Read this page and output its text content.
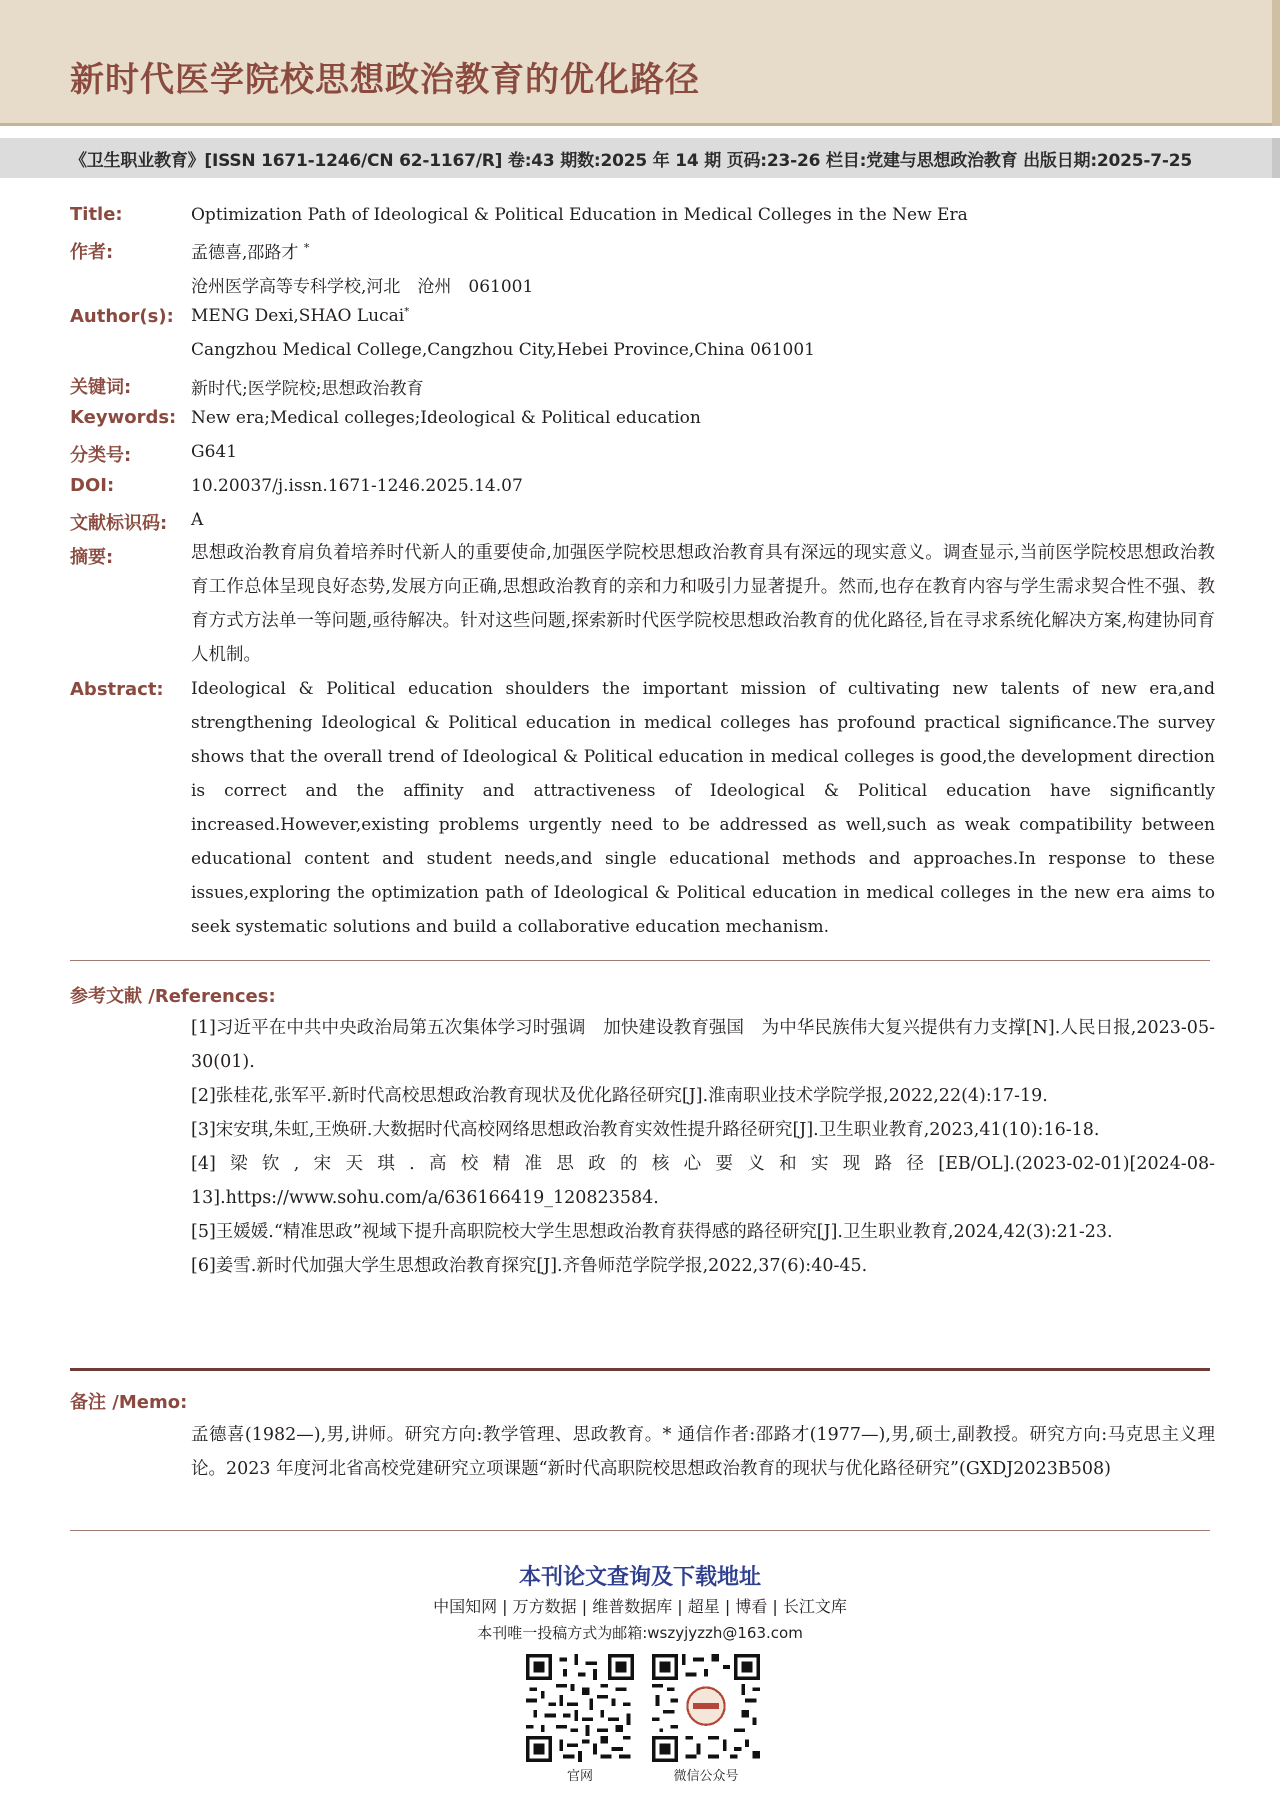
新时代医学院校思想政治教育的优化路径
《卫生职业教育》[ISSN 1671-1246/CN 62-1167/R] 卷:43 期数:2025 年 14 期 页码:23-26 栏目:党建与思想政治教育 出版日期:2025-7-25
Title:	Optimization Path of Ideological & Political Education in Medical Colleges in the New Era
作者:	孟德喜,邵路才 *
沧州医学高等专科学校,河北　沧州　061001
Author(s): MENG Dexi,SHAO Lucai*
Cangzhou Medical College,Cangzhou City,Hebei Province,China 061001
关键词:	新时代;医学院校;思想政治教育
Keywords: New era;Medical colleges;Ideological & Political education
分类号:	G641
DOI:	10.20037/j.issn.1671-1246.2025.14.07
文献标识码: A
摘要:	思想政治教育肩负着培养时代新人的重要使命,加强医学院校思想政治教育具有深远的现实意义。调查显示,当前医学院校思想政治教育工作总体呈现良好态势,发展方向正确,思想政治教育的亲和力和吸引力显著提升。然而,也存在教育内容与学生需求契合性不强、教育方式方法单一等问题,亟待解决。针对这些问题,探索新时代医学院校思想政治教育的优化路径,旨在寻求系统化解决方案,构建协同育人机制。
Abstract: Ideological & Political education shoulders the important mission of cultivating new talents of new era,and strengthening Ideological & Political education in medical colleges has profound practical significance.The survey shows that the overall trend of Ideological & Political education in medical colleges is good,the development direction is correct and the affinity and attractiveness of Ideological & Political education have significantly increased.However,existing problems urgently need to be addressed as well,such as weak compatibility between educational content and student needs,and single educational methods and approaches.In response to these issues,exploring the optimization path of Ideological & Political education in medical colleges in the new era aims to seek systematic solutions and build a collaborative education mechanism.
参考文献 /References:
[1]习近平在中共中央政治局第五次集体学习时强调　加快建设教育强国　为中华民族伟大复兴提供有力支撑[N].人民日报,2023-05-30(01).
[2]张桂花,张军平.新时代高校思想政治教育现状及优化路径研究[J].淮南职业技术学院学报,2022,22(4):17-19.
[3]宋安琪,朱虹,王焕研.大数据时代高校网络思想政治教育实效性提升路径研究[J].卫生职业教育,2023,41(10):16-18.
[4]梁钦,宋天琪.高校精准思政的核心要义和实现路径[EB/OL].(2023-02-01)[2024-08-13].https://www.sohu.com/a/636166419_120823584.
[5]王媛媛.“精准思政”视域下提升高职院校大学生思想政治教育获得感的路径研究[J].卫生职业教育,2024,42(3):21-23.
[6]姜雪.新时代加强大学生思想政治教育探究[J].齐鲁师范学院学报,2022,37(6):40-45.
备注 /Memo:
孟德喜(1982—),男,讲师。研究方向:教学管理、思政教育。* 通信作者:邵路才(1977—),男,硕士,副教授。研究方向:马克思主义理论。2023 年度河北省高校党建研究立项课题“新时代高职院校思想政治教育的现状与优化路径研究”(GXDJ2023B508)
本刊论文查询及下载地址
中国知网 | 万方数据 | 维普数据库 | 超星 | 博看 | 长江文库
本刊唯一投稿方式为邮箱:wszyjyzzh@163.com
官网	微信公众号
